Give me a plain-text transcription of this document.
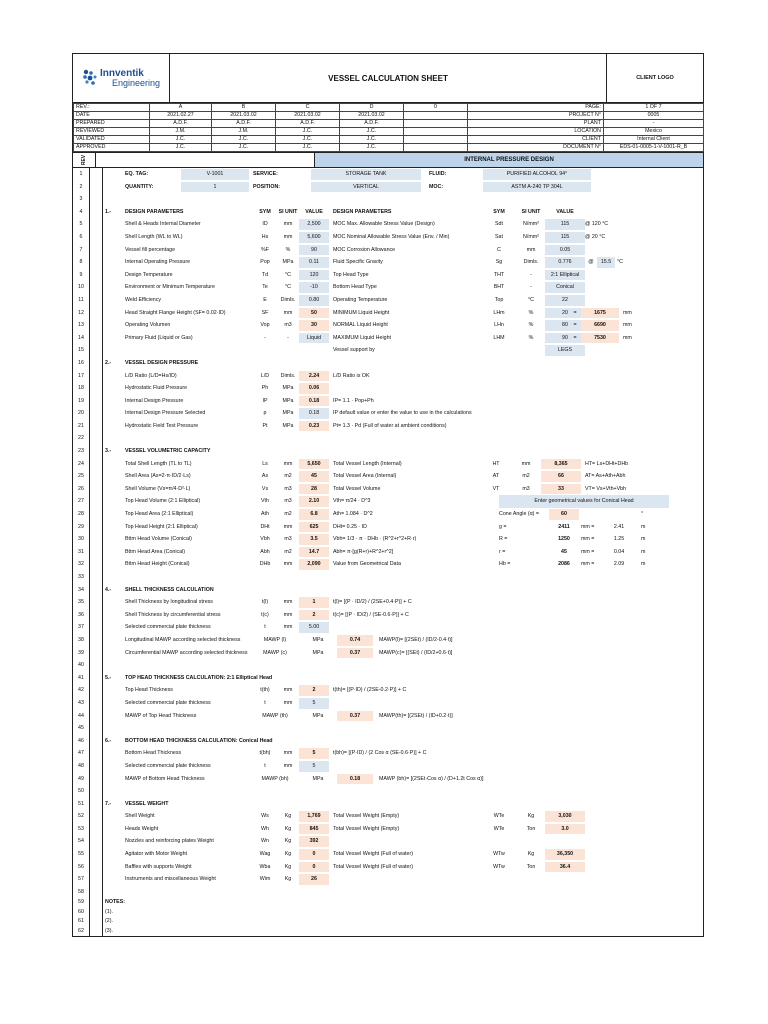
Innventik
Engineering	VESSEL CALCULATION SHEET	CLIENT LOGO
REV.:	A	B	C	D	0	PAGE:	1 OF 7
DATE	2021.02.27	2021.03.02	2021.03.02	2021.03.02		PROJECT N°	0005
PREPARED	A.D.F.	A.D.F.	A.D.F.	A.D.F.		PLANT	-
REVIEWED	J.M.	J.M.	J.C.	J.C.		LOCATION	Mexico
VALIDATED	J.C.	J.C.	J.C.	J.C.		CLIENT	Internal Client
APPROVED	J.C.	J.C.	J.C.	J.C.		DOCUMENT N°	EDS-01-0005-1-V-1001-R_B
REV	INTERNAL PRESSURE DESIGN
1	EQ. TAG:	V-1001	SERVICE:	STORAGE TANK	FLUID:	PURIFIED ALCOHOL 94°
2	QUANTITY:	1	POSITION:	VERTICAL	MOC:	ASTM A-240 TP 304L
3
4	1.-	DESIGN PARAMETERS	SYM	SI UNIT	VALUE	DESIGN PARAMETERS	SYM	SI UNIT	VALUE
5	Shell & Heads Internal Diameter	ID	mm	2,500	MOC Max. Allowable Stress Value (Design)	Sdt	N/mm²	115	@ 120 °C
6	Shell Length (WL to WL)	Hs	mm	5,600	MOC Nominal Allowable Stress Value (Env. / Min)	Sat	N/mm²	115	@ 20 °C
7	Vessel fill percentage	%F	%	90	MOC Corrosion Allowance	C	mm	0.05
8	Internal Operating Pressure	Pop	MPa	0.11	Fluid Specific Gravity	Sg	Dimls.	0.776	@	15.5	°C
9	Design Temperature	Td	°C	120	Top Head Type	THT	-	2:1 Elliptical
10	Environment or Minimum Temperature	Te	°C	-10	Bottom Head Type	BHT	-	Conical
11	Weld Efficiency	E	Dimls.	0.80	Operating Temperature	Top	°C	22
12	Head Straight Flange Height (SF= 0.02·ID)	SF	mm	50	MINIMUM Liquid Height	LHm	%	20	=	1675	mm
13	Operating Volumen	Vop	m3	30	NORMAL Liquid Height	LHn	%	80	=	6690	mm
14	Primary Fluid (Liquid or Gas)	-	-	Liquid	MAXIMUM Liquid Height	LHM	%	90	=	7530	mm
15	Vessel support by	LEGS
16	2.-	VESSEL DESIGN PRESSURE
17	L/D Ratio (L/D=Hs/ID)	L/D	Dimls.	2.24	L/D Ratio is OK
18	Hydrostatic Fluid Pressure	Ph	MPa	0.06
19	Internal Design Pressure	IP	MPa	0.18	IP= 1.1 · Pop+Ph
20	Internal Design Pressure Selected	p	MPa	0.18	IP default value or enter the value to use in the calculations
21	Hydrostatic Field Test Pressure	Pt	MPa	0.23	Pt= 1.3 · Pd (Full of water at ambient conditions)
22
23	3.-	VESSEL VOLUMETRIC CAPACITY
24	Total Shell Length (TL to TL)	Ls	mm	5,650	Total Vessel Length (Internal)	HT	mm	8,365	HT= Ls+DHt+DHb
25	Shell Area (As=2·π·ID/2·Ls)	As	m2	45	Total Vessel Area (Internal)	AT	m2	66	AT= As+Ath+Abh
26	Shell Volume (Vs=π/4·D²·L)	Vs	m3	28	Total Vessel Volume	VT	m3	33	VT= Vs+Vth+Vbh
27	Top Head Volume (2:1 Elliptical)	Vth	m3	2.10	Vth= π/24 · D^3	Enter geometrical values for Conical Head
28	Top Head Area (2:1 Elliptical)	Ath	m2	6.8	Ath= 1.084 · D^2	Cone Angle (α) =	60	°
29	Top Head Height (2:1 Elliptical)	DHt	mm	625	DHt= 0.25 · ID	g =	2411	mm =	2.41	m
30	Bttm Head Volume (Conical)	Vbh	m3	3.5	Vbh= 1/3 · π · DHb · (R^2+r^2+R·r)	R =	1250	mm =	1.25	m
31	Bttm Head Area (Conical)	Abh	m2	14.7	Abh= π·[g(R+r)+R^2+r^2]	r =	45	mm =	0.04	m
32	Bttm Head Height (Conical)	DHb	mm	2,090	Value from Geometrical Data	Hb =	2086	mm =	2.09	m
33
34	4.-	SHELL THICKNESS CALCULATION
35	Shell Thickness by longitudinal stress	t(l)	mm	1	t(l)= [(P · ID/2) / (2SE+0.4·P)] + C
36	Shell Thickness by circumferential stress	t(c)	mm	2	t(c)= [(P · ID/2) / (SE-0.6·P)] + C
37	Selected commercial plate thickness	t	mm	5.00
38	Longitudinal MAWP according selected thickness	MAWP (l)	MPa	0.74	MAWP(l)= [(2SEt) / (ID/2-0.4·t)]
39	Circumferential MAWP according selected thickness	MAWP (c)	MPa	0.37	MAWP(c)= [(SEt) / (ID/2+0.6·t)]
40
41	5.-	TOP HEAD THICKNESS CALCULATION: 2:1 Elliptical Head
42	Top Head Thickness	t(th)	mm	2	t(th)= [(P·ID) / (2SE-0.2·P)] + C
43	Selected commercial plate thickness	t	mm	5
44	MAWP of Top Head Thickness	MAWP (th)	MPa	0.37	MAWP(th)= [(2SEt) / (ID+0.2·t)]
45
46	6.-	BOTTOM HEAD THICKNESS CALCULATION: Conical Head
47	Bottom Head Thickness	t(bh)	mm	5	t(bh)= [(P·ID) / (2 Cos α (SE-0.6·P)] + C
48	Selected commercial plate thickness	t	mm	5
49	MAWP of Bottom Head Thickness	MAWP (bh)	MPa	0.18	MAWP (bh)= [(2SEt·Cos α) / (D+1.2t Cos α)]
50
51	7.-	VESSEL WEIGHT
52	Shell Weight	Ws	Kg	1,769	Total Vessel Weight (Empty)	WTe	Kg	3,030
53	Heads Weight	Wh	Kg	845	Total Vessel Weight (Empty)	WTe	Ton	3.0
54	Nozzles and reinforcing plates Weight	Wn	Kg	392
55	Agitator with Motor Weight	Wag	Kg	0	Total Vessel Weight (Full of water)	WTw	Kg	36,350
56	Baffles with supports Weight	Wba	Kg	0	Total Vessel Weight (Full of water)	WTw	Ton	36.4
57	Instruments and miscellaneous Weight	Wim	Kg	26
58
59	NOTES:
60	(1).
61	(2).
62	(3).
